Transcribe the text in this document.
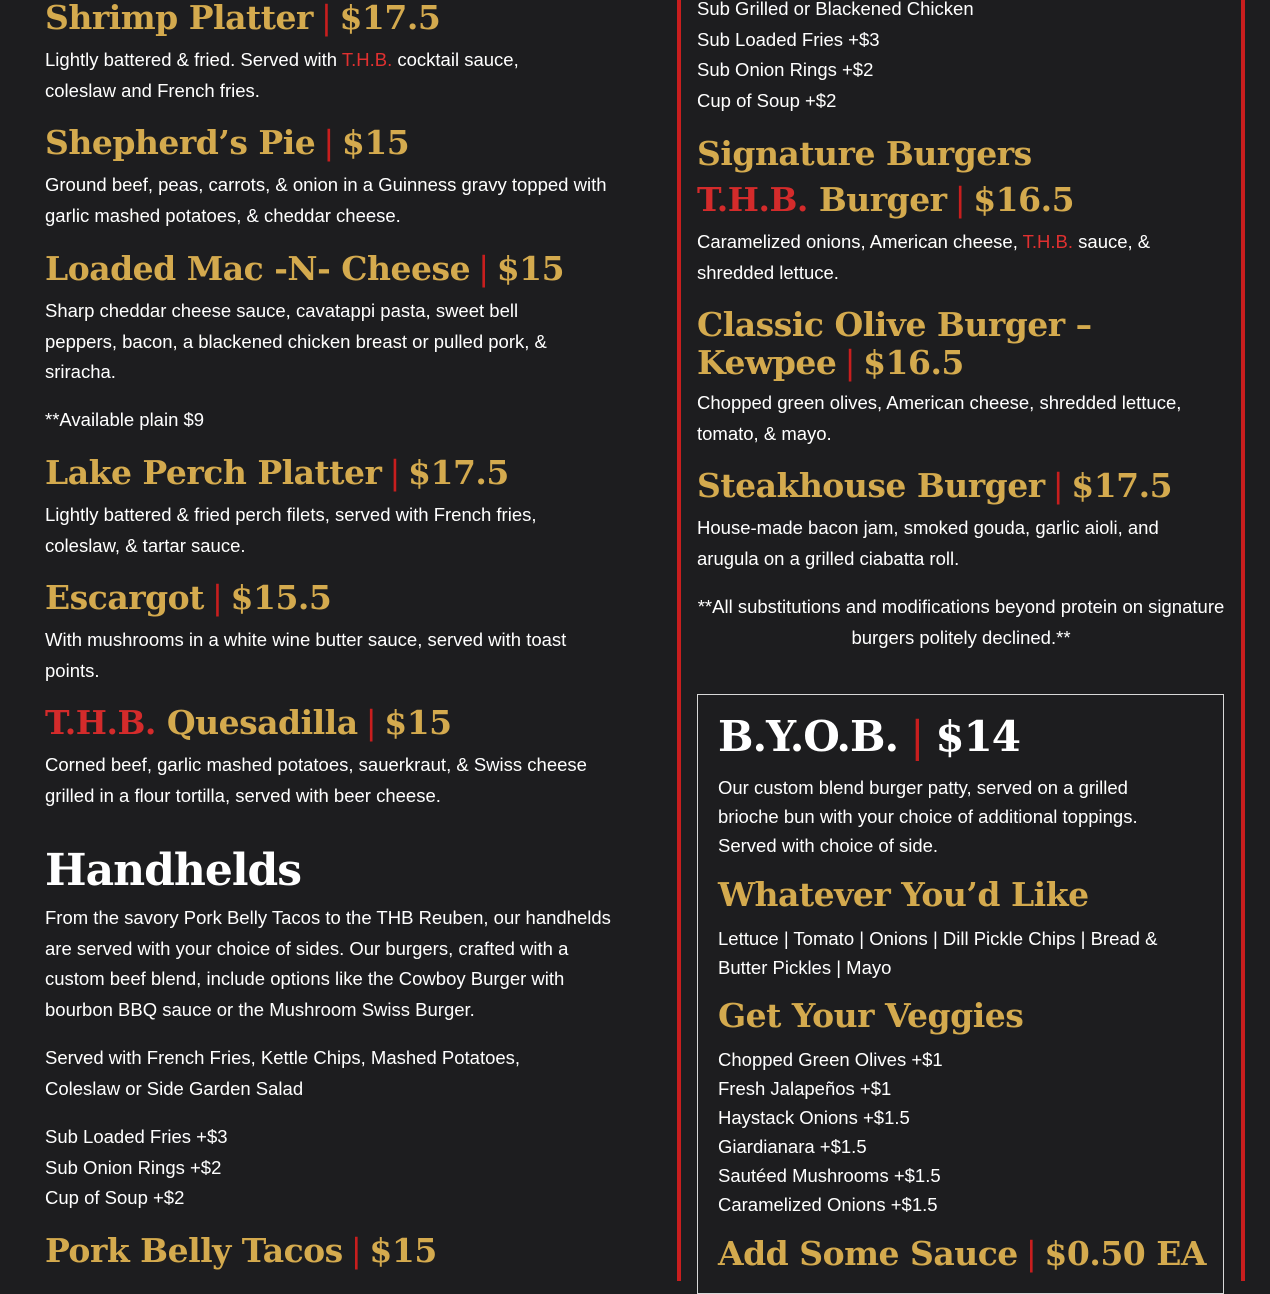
Shrimp Platter | $17.5
Lightly battered & fried. Served with T.H.B. cocktail sauce, coleslaw and French fries.
Shepherd’s Pie | $15
Ground beef, peas, carrots, & onion in a Guinness gravy topped with garlic mashed potatoes, & cheddar cheese.
Loaded Mac -N- Cheese | $15
Sharp cheddar cheese sauce, cavatappi pasta, sweet bell peppers, bacon, a blackened chicken breast or pulled pork, & sriracha.
**Available plain $9
Lake Perch Platter | $17.5
Lightly battered & fried perch filets, served with French fries, coleslaw, & tartar sauce.
Escargot | $15.5
With mushrooms in a white wine butter sauce, served with toast points.
T.H.B. Quesadilla | $15
Corned beef, garlic mashed potatoes, sauerkraut, & Swiss cheese grilled in a flour tortilla, served with beer cheese.
Handhelds
From the savory Pork Belly Tacos to the THB Reuben, our handhelds are served with your choice of sides. Our burgers, crafted with a custom beef blend, include options like the Cowboy Burger with bourbon BBQ sauce or the Mushroom Swiss Burger.
Served with French Fries, Kettle Chips, Mashed Potatoes, Coleslaw or Side Garden Salad
Sub Loaded Fries +$3
Sub Onion Rings +$2
Cup of Soup +$2
Pork Belly Tacos | $15
Sub Grilled or Blackened Chicken
Sub Loaded Fries +$3
Sub Onion Rings +$2
Cup of Soup +$2
Signature Burgers
T.H.B. Burger | $16.5
Caramelized onions, American cheese, T.H.B. sauce, & shredded lettuce.
Classic Olive Burger – Kewpee | $16.5
Chopped green olives, American cheese, shredded lettuce, tomato, & mayo.
Steakhouse Burger | $17.5
House-made bacon jam, smoked gouda, garlic aioli, and arugula on a grilled ciabatta roll.
**All substitutions and modifications beyond protein on signature burgers politely declined.**
B.Y.O.B. | $14
Our custom blend burger patty, served on a grilled brioche bun with your choice of additional toppings. Served with choice of side.
Whatever You’d Like
Lettuce | Tomato | Onions | Dill Pickle Chips | Bread & Butter Pickles | Mayo
Get Your Veggies
Chopped Green Olives +$1
Fresh Jalapeños +$1
Haystack Onions +$1.5
Giardianara +$1.5
Sautéed Mushrooms +$1.5
Caramelized Onions +$1.5
Add Some Sauce | $0.50 EA
